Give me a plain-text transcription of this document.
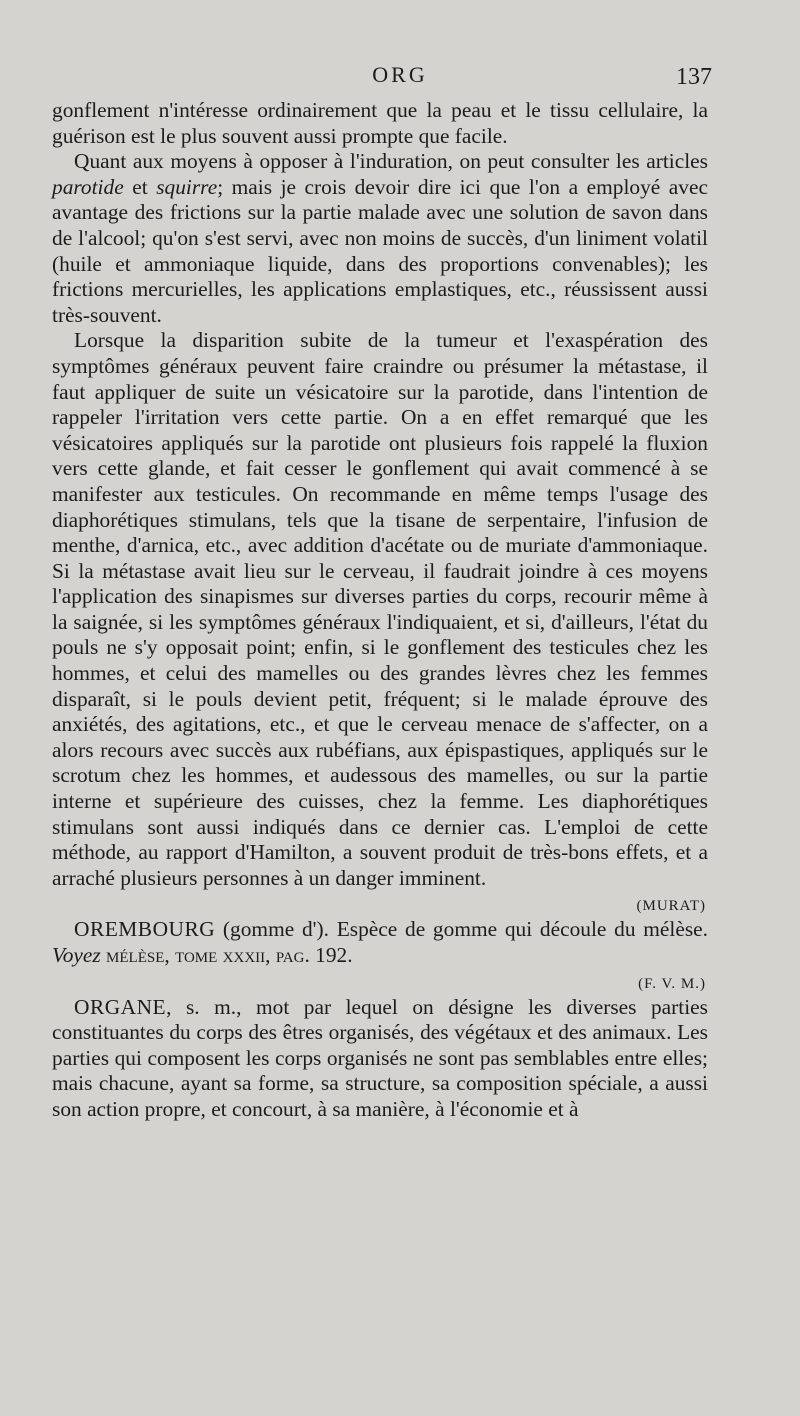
ORG	137

gonflement n'intéresse ordinairement que la peau et le tissu cellulaire, la guérison est le plus souvent aussi prompte que facile.

Quant aux moyens à opposer à l'induration, on peut consulter les articles parotide et squirre; mais je crois devoir dire ici que l'on a employé avec avantage des frictions sur la partie malade avec une solution de savon dans de l'alcool; qu'on s'est servi, avec non moins de succès, d'un liniment volatil (huile et ammoniaque liquide, dans des proportions convenables); les frictions mercurielles, les applications emplastiques, etc., réussissent aussi très-souvent.

Lorsque la disparition subite de la tumeur et l'exaspération des symptômes généraux peuvent faire craindre ou présumer la métastase, il faut appliquer de suite un vésicatoire sur la parotide, dans l'intention de rappeler l'irritation vers cette partie. On a en effet remarqué que les vésicatoires appliqués sur la parotide ont plusieurs fois rappelé la fluxion vers cette glande, et fait cesser le gonflement qui avait commencé à se manifester aux testicules. On recommande en même temps l'usage des diaphorétiques stimulans, tels que la tisane de serpentaire, l'infusion de menthe, d'arnica, etc., avec addition d'acétate ou de muriate d'ammoniaque. Si la métastase avait lieu sur le cerveau, il faudrait joindre à ces moyens l'application des sinapismes sur diverses parties du corps, recourir même à la saignée, si les symptômes généraux l'indiquaient, et si, d'ailleurs, l'état du pouls ne s'y opposait point; enfin, si le gonflement des testicules chez les hommes, et celui des mamelles ou des grandes lèvres chez les femmes disparaît, si le pouls devient petit, fréquent; si le malade éprouve des anxiétés, des agitations, etc., et que le cerveau menace de s'affecter, on a alors recours avec succès aux rubéfians, aux épispastiques, appliqués sur le scrotum chez les hommes, et audessous des mamelles, ou sur la partie interne et supérieure des cuisses, chez la femme. Les diaphorétiques stimulans sont aussi indiqués dans ce dernier cas. L'emploi de cette méthode, au rapport d'Hamilton, a souvent produit de très-bons effets, et a arraché plusieurs personnes à un danger imminent.

(MURAT)

OREMBOURG (gomme d'). Espèce de gomme qui découle du mélèse. Voyez mélèse, tome xxxii, pag. 192.

(F. V. M.)

ORGANE, s. m., mot par lequel on désigne les diverses parties constituantes du corps des êtres organisés, des végétaux et des animaux. Les parties qui composent les corps organisés ne sont pas semblables entre elles; mais chacune, ayant sa forme, sa structure, sa composition spéciale, a aussi son action propre, et concourt, à sa manière, à l'économie et à
